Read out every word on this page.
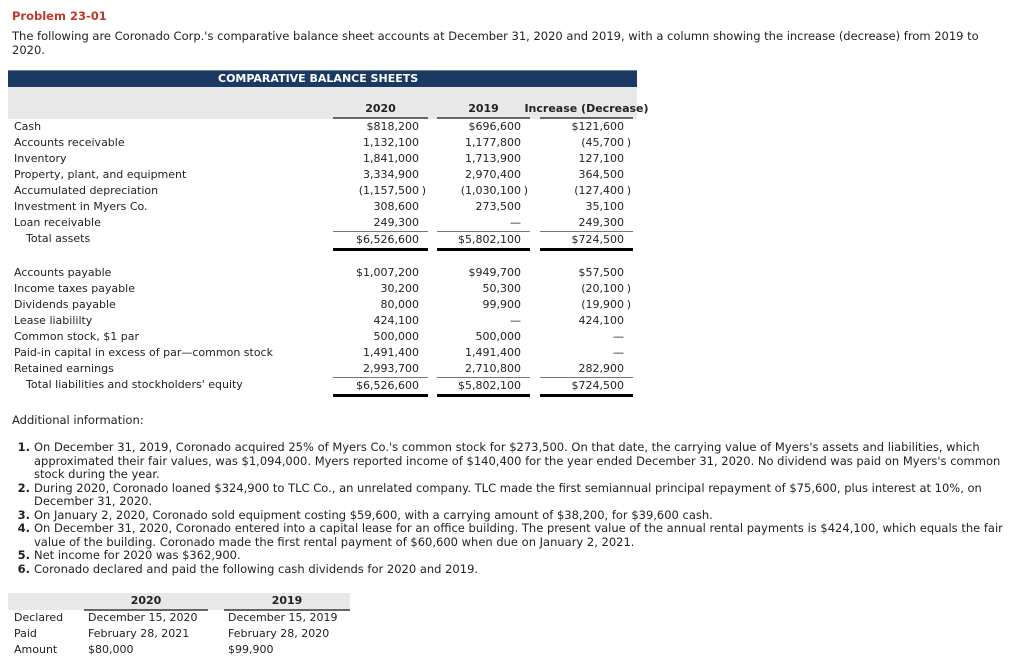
Problem 23-01
The following are Coronado Corp.'s comparative balance sheet accounts at December 31, 2020 and 2019, with a column showing the increase (decrease) from 2019 to 2020.
COMPARATIVE BALANCE SHEETS
2020	2019	Increase (Decrease)
Cash	$818,200	$696,600	$121,600
Accounts receivable	1,132,100	1,177,800	(45,700 )
Inventory	1,841,000	1,713,900	127,100
Property, plant, and equipment	3,334,900	2,970,400	364,500
Accumulated depreciation	(1,157,500 )	(1,030,100 )	(127,400 )
Investment in Myers Co.	308,600	273,500	35,100
Loan receivable	249,300	—	249,300
Total assets	$6,526,600	$5,802,100	$724,500
Accounts payable	$1,007,200	$949,700	$57,500
Income taxes payable	30,200	50,300	(20,100 )
Dividends payable	80,000	99,900	(19,900 )
Lease liabililty	424,100	—	424,100
Common stock, $1 par	500,000	500,000	—
Paid-in capital in excess of par—common stock	1,491,400	1,491,400	—
Retained earnings	2,993,700	2,710,800	282,900
Total liabilities and stockholders' equity	$6,526,600	$5,802,100	$724,500
Additional information:
1. On December 31, 2019, Coronado acquired 25% of Myers Co.'s common stock for $273,500. On that date, the carrying value of Myers's assets and liabilities, which approximated their fair values, was $1,094,000. Myers reported income of $140,400 for the year ended December 31, 2020. No dividend was paid on Myers's common stock during the year.
2. During 2020, Coronado loaned $324,900 to TLC Co., an unrelated company. TLC made the first semiannual principal repayment of $75,600, plus interest at 10%, on December 31, 2020.
3. On January 2, 2020, Coronado sold equipment costing $59,600, with a carrying amount of $38,200, for $39,600 cash.
4. On December 31, 2020, Coronado entered into a capital lease for an office building. The present value of the annual rental payments is $424,100, which equals the fair value of the building. Coronado made the first rental payment of $60,600 when due on January 2, 2021.
5. Net income for 2020 was $362,900.
6. Coronado declared and paid the following cash dividends for 2020 and 2019.
2020	2019
Declared	December 15, 2020	December 15, 2019
Paid	February 28, 2021	February 28, 2020
Amount	$80,000	$99,900
